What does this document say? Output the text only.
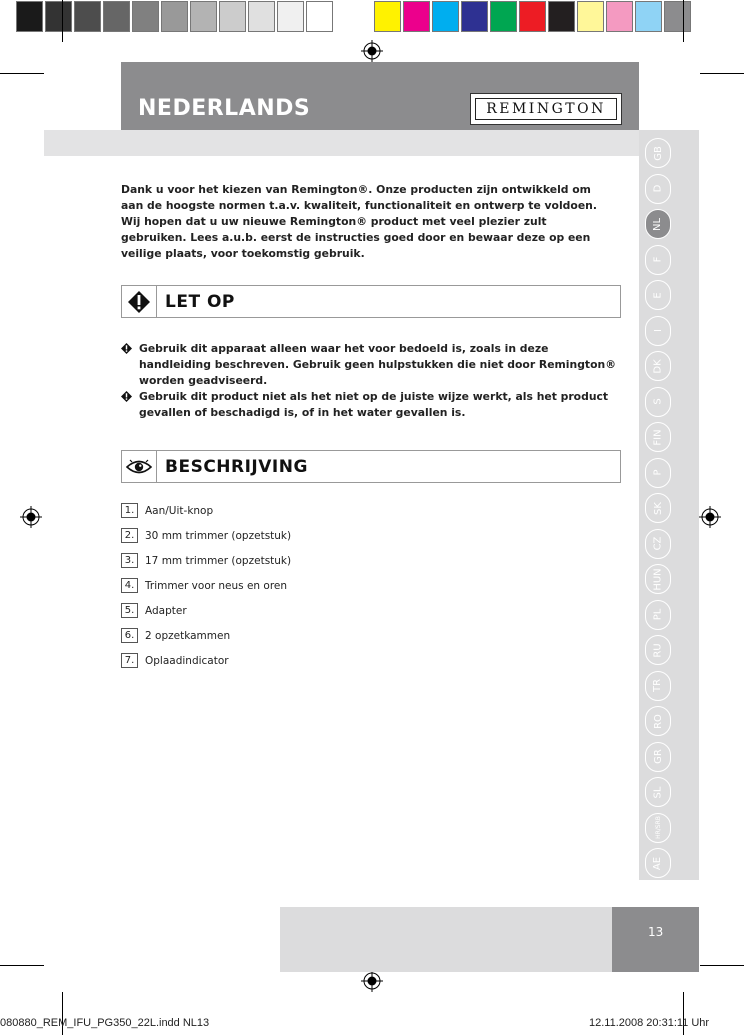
NEDERLANDS	REMINGTON
Dank u voor het kiezen van Remington®. Onze producten zijn ontwikkeld om aan de hoogste normen t.a.v. kwaliteit, functionaliteit en ontwerp te voldoen. Wij hopen dat u uw nieuwe Remington® product met veel plezier zult gebruiken. Lees a.u.b. eerst de instructies goed door en bewaar deze op een veilige plaats, voor toekomstig gebruik.
LET OP
Gebruik dit apparaat alleen waar het voor bedoeld is, zoals in deze handleiding beschreven. Gebruik geen hulpstukken die niet door Remington® worden geadviseerd.
Gebruik dit product niet als het niet op de juiste wijze werkt, als het product gevallen of beschadigd is, of in het water gevallen is.
BESCHRIJVING
1.	Aan/Uit-knop
2.	30 mm trimmer (opzetstuk)
3.	17 mm trimmer (opzetstuk)
4.	Trimmer voor neus en oren
5.	Adapter
6.	2 opzetkammen
7.	Oplaadindicator
GB
D
NL
F
E
I
DK
S
FIN
P
SK
CZ
HUN
PL
RU
TR
RO
GR
SL
HR/SRB
AE
13
080880_REM_IFU_PG350_22L.indd NL13	12.11.2008 20:31:11 Uhr
